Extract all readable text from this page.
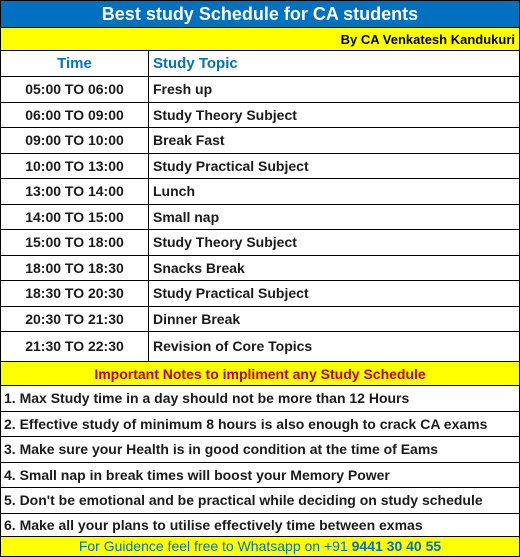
Best study Schedule for CA students
By CA Venkatesh Kandukuri
Time	Study Topic
05:00 TO 06:00	Fresh up
06:00 TO 09:00	Study Theory Subject
09:00 TO 10:00	Break Fast
10:00 TO 13:00	Study Practical Subject
13:00 TO 14:00	Lunch
14:00 TO 15:00	Small nap
15:00 TO 18:00	Study Theory Subject
18:00 TO 18:30	Snacks Break
18:30 TO 20:30	Study Practical Subject
20:30 TO 21:30	Dinner Break
21:30 TO 22:30	Revision of Core Topics
Important Notes to impliment any Study Schedule
1. Max Study time in a day should not be more than 12 Hours
2. Effective study of minimum 8 hours is also enough to crack CA exams
3. Make sure your Health is in good condition at the time of Eams
4. Small nap in break times will boost your Memory Power
5. Don't be emotional and be practical while deciding on study schedule
6. Make all your plans to utilise effectively time between exmas
For Guidence feel free to Whatsapp on +91 9441 30 40 55
